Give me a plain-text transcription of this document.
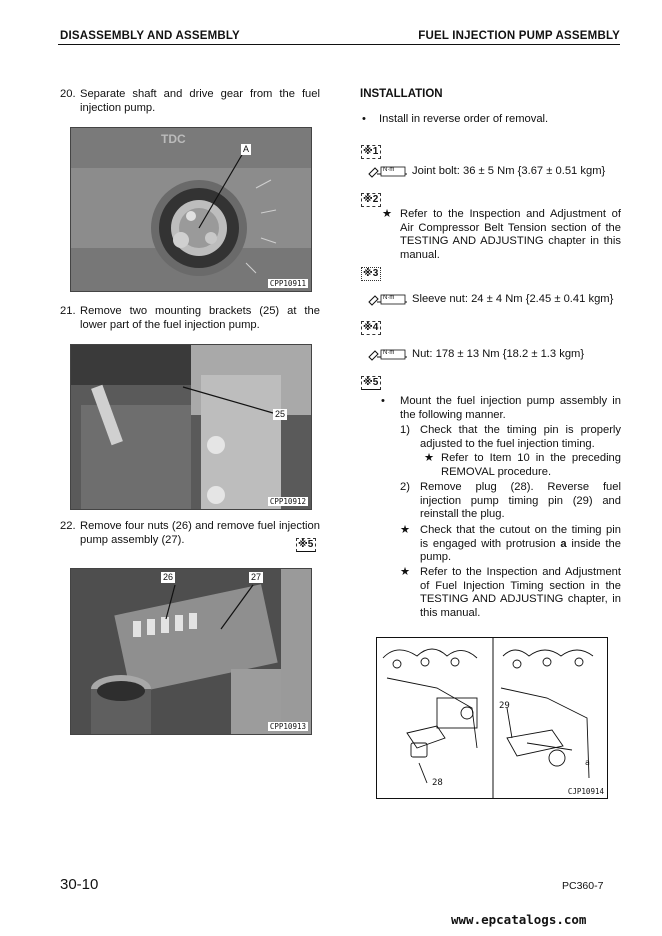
DISASSEMBLY AND ASSEMBLY	FUEL INJECTION PUMP ASSEMBLY
20. Separate shaft and drive gear from the fuel injection pump.
TDC
A
CPP10911
21. Remove two mounting brackets (25) at the lower part of the fuel injection pump.
25
CPP10912
22. Remove four nuts (26) and remove fuel injection pump assembly (27).	※5
26	27
CPP10913
INSTALLATION
• Install in reverse order of removal.
※1
N·m Joint bolt: 36 ± 5 Nm {3.67 ± 0.51 kgm}
※2
★ Refer to the Inspection and Adjustment of Air Compressor Belt Tension section of the TESTING AND ADJUSTING chapter in this manual.
※3
N·m Sleeve nut: 24 ± 4 Nm {2.45 ± 0.41 kgm}
※4
N·m Nut: 178 ± 13 Nm {18.2 ± 1.3 kgm}
※5
•	Mount the fuel injection pump assembly in the following manner.
1) Check that the timing pin is properly adjusted to the fuel injection timing.
★ Refer to Item 10 in the preceding REMOVAL procedure.
2) Remove plug (28). Reverse fuel injection pump timing pin (29) and reinstall the plug.
★ Check that the cutout on the timing pin is engaged with protrusion a inside the pump.
★ Refer to the Inspection and Adjustment of Fuel Injection Timing section in the TESTING AND ADJUSTING chapter, in this manual.
28
29
a
CJP10914
30-10	PC360-7
www.epcatalogs.com
